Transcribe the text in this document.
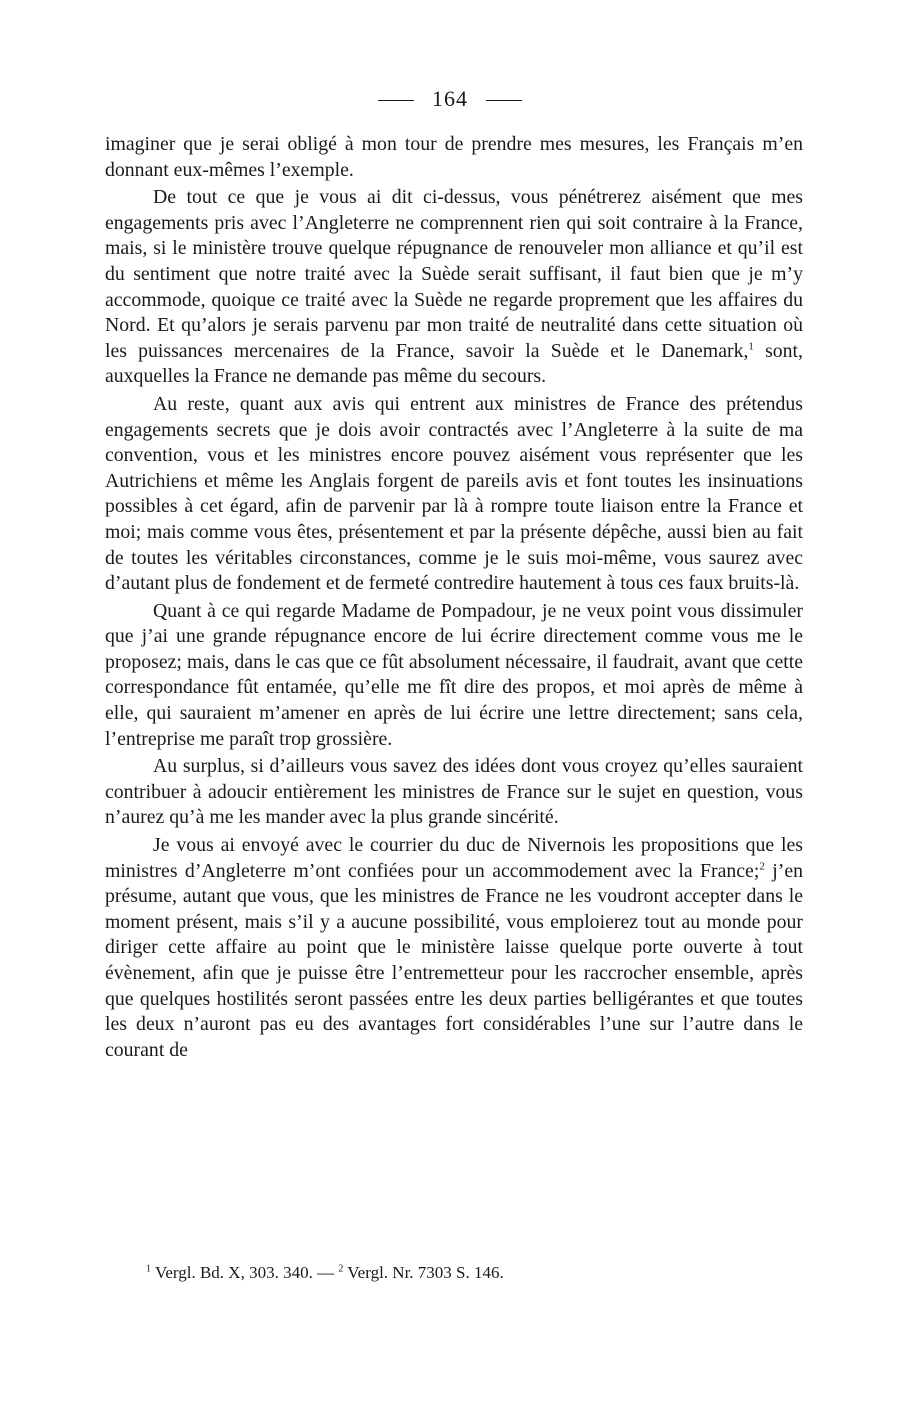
164

imaginer que je serai obligé à mon tour de prendre mes mesures, les Français m’en donnant eux-mêmes l’exemple.

De tout ce que je vous ai dit ci-dessus, vous pénétrerez aisément que mes engagements pris avec l’Angleterre ne comprennent rien qui soit contraire à la France, mais, si le ministère trouve quelque répugnance de renouveler mon alliance et qu’il est du sentiment que notre traité avec la Suède serait suffisant, il faut bien que je m’y accommode, quoique ce traité avec la Suède ne regarde proprement que les affaires du Nord. Et qu’alors je serais parvenu par mon traité de neutralité dans cette situation où les puissances mercenaires de la France, savoir la Suède et le Danemark,$^1$ sont, auxquelles la France ne demande pas même du secours.

Au reste, quant aux avis qui entrent aux ministres de France des prétendus engagements secrets que je dois avoir contractés avec l’Angleterre à la suite de ma convention, vous et les ministres encore pouvez aisément vous représenter que les Autrichiens et même les Anglais forgent de pareils avis et font toutes les insinuations possibles à cet égard, afin de parvenir par là à rompre toute liaison entre la France et moi; mais comme vous êtes, présentement et par la présente dépêche, aussi bien au fait de toutes les véritables circonstances, comme je le suis moi-même, vous saurez avec d’autant plus de fondement et de fermeté contredire hautement à tous ces faux bruits-là.

Quant à ce qui regarde Madame de Pompadour, je ne veux point vous dissimuler que j’ai une grande répugnance encore de lui écrire directement comme vous me le proposez; mais, dans le cas que ce fût absolument nécessaire, il faudrait, avant que cette correspondance fût entamée, qu’elle me fît dire des propos, et moi après de même à elle, qui sauraient m’amener en après de lui écrire une lettre directement; sans cela, l’entreprise me paraît trop grossière.

Au surplus, si d’ailleurs vous savez des idées dont vous croyez qu’elles sauraient contribuer à adoucir entièrement les ministres de France sur le sujet en question, vous n’aurez qu’à me les mander avec la plus grande sincérité.

Je vous ai envoyé avec le courrier du duc de Nivernois les propositions que les ministres d’Angleterre m’ont confiées pour un accommodement avec la France;$^2$ j’en présume, autant que vous, que les ministres de France ne les voudront accepter dans le moment présent, mais s’il y a aucune possibilité, vous emploierez tout au monde pour diriger cette affaire au point que le ministère laisse quelque porte ouverte à tout évènement, afin que je puisse être l’entremetteur pour les raccrocher ensemble, après que quelques hostilités seront passées entre les deux parties belligérantes et que toutes les deux n’auront pas eu des avantages fort considérables l’une sur l’autre dans le courant de

$^1$ Vergl. Bd. X, 303. 340. — $^2$ Vergl. Nr. 7303 S. 146.
